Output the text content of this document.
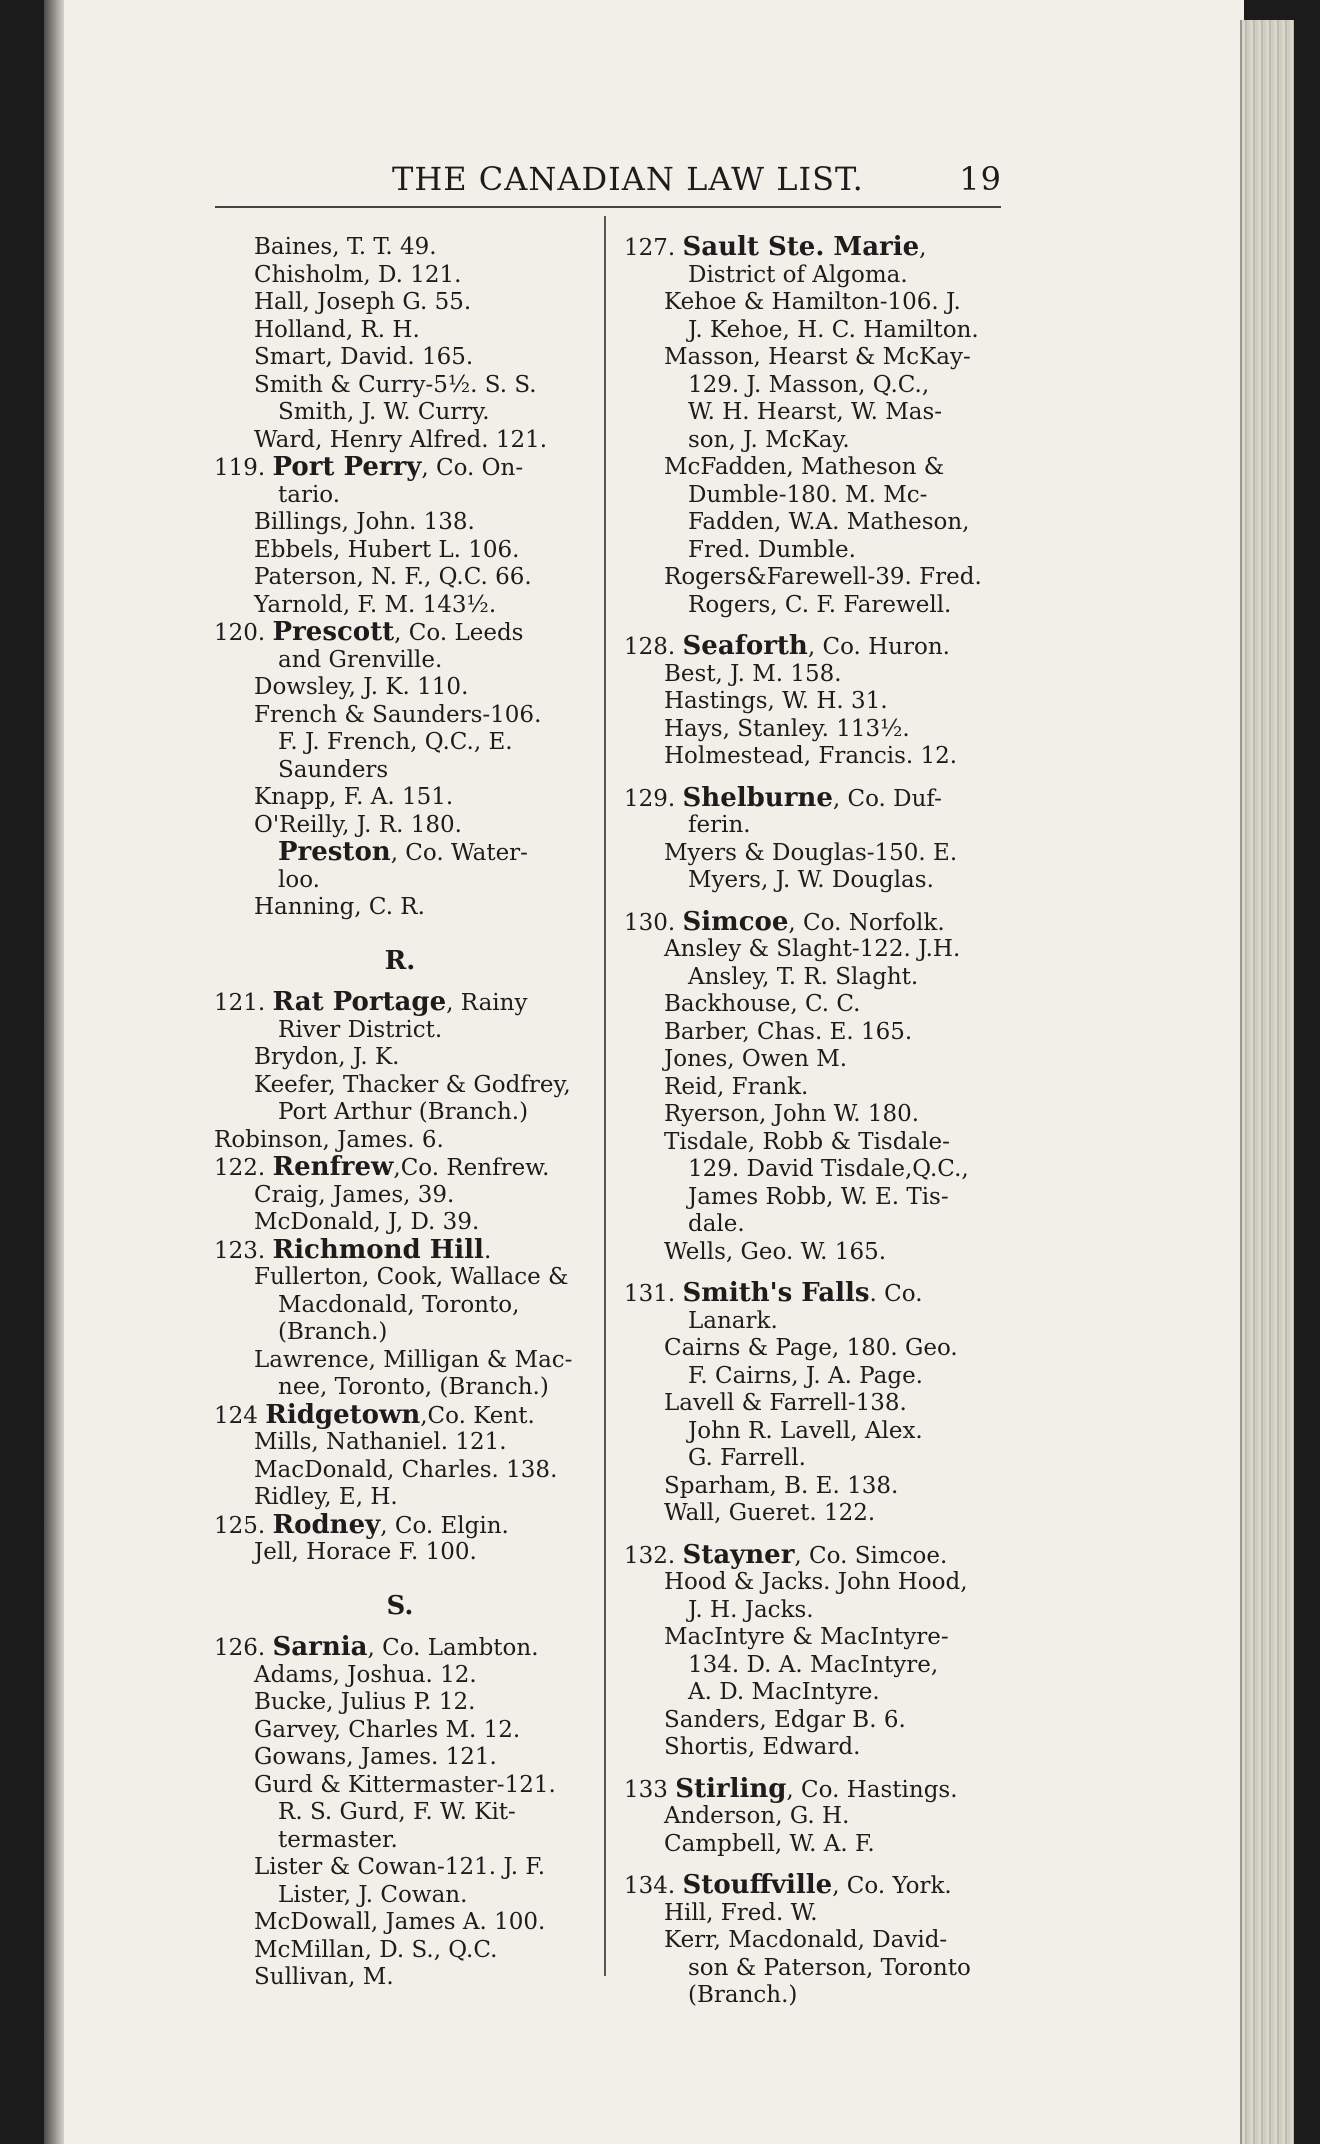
THE CANADIAN LAW LIST.	19
Baines, T. T. 49.
Chisholm, D. 121.
Hall, Joseph G. 55.
Holland, R. H.
Smart, David. 165.
Smith & Curry-5½. S. S.
Smith, J. W. Curry.
Ward, Henry Alfred. 121.
119. Port Perry, Co. On-
tario.
Billings, John. 138.
Ebbels, Hubert L. 106.
Paterson, N. F., Q.C. 66.
Yarnold, F. M. 143½.
120. Prescott, Co. Leeds
and Grenville.
Dowsley, J. K. 110.
French & Saunders-106.
F. J. French, Q.C., E.
Saunders
Knapp, F. A. 151.
O'Reilly, J. R. 180.
Preston, Co. Water-
loo.
Hanning, C. R.
R.
121. Rat Portage, Rainy
River District.
Brydon, J. K.
Keefer, Thacker & Godfrey,
Port Arthur (Branch.)
Robinson, James. 6.
122. Renfrew,Co. Renfrew.
Craig, James, 39.
McDonald, J, D. 39.
123. Richmond Hill.
Fullerton, Cook, Wallace &
Macdonald, Toronto,
(Branch.)
Lawrence, Milligan & Mac-
nee, Toronto, (Branch.)
124 Ridgetown,Co. Kent.
Mills, Nathaniel. 121.
MacDonald, Charles. 138.
Ridley, E, H.
125. Rodney, Co. Elgin.
Jell, Horace F. 100.
S.
126. Sarnia, Co. Lambton.
Adams, Joshua. 12.
Bucke, Julius P. 12.
Garvey, Charles M. 12.
Gowans, James. 121.
Gurd & Kittermaster-121.
R. S. Gurd, F. W. Kit-
termaster.
Lister & Cowan-121. J. F.
Lister, J. Cowan.
McDowall, James A. 100.
McMillan, D. S., Q.C.
Sullivan, M.
127. Sault Ste. Marie,
District of Algoma.
Kehoe & Hamilton-106. J.
J. Kehoe, H. C. Hamilton.
Masson, Hearst & McKay-
129. J. Masson, Q.C.,
W. H. Hearst, W. Mas-
son, J. McKay.
McFadden, Matheson &
Dumble-180. M. Mc-
Fadden, W.A. Matheson,
Fred. Dumble.
Rogers&Farewell-39. Fred.
Rogers, C. F. Farewell.
128. Seaforth, Co. Huron.
Best, J. M. 158.
Hastings, W. H. 31.
Hays, Stanley. 113½.
Holmestead, Francis. 12.
129. Shelburne, Co. Duf-
ferin.
Myers & Douglas-150. E.
Myers, J. W. Douglas.
130. Simcoe, Co. Norfolk.
Ansley & Slaght-122. J.H.
Ansley, T. R. Slaght.
Backhouse, C. C.
Barber, Chas. E. 165.
Jones, Owen M.
Reid, Frank.
Ryerson, John W. 180.
Tisdale, Robb & Tisdale-
129. David Tisdale,Q.C.,
James Robb, W. E. Tis-
dale.
Wells, Geo. W. 165.
131. Smith's Falls. Co.
Lanark.
Cairns & Page, 180. Geo.
F. Cairns, J. A. Page.
Lavell & Farrell-138.
John R. Lavell, Alex.
G. Farrell.
Sparham, B. E. 138.
Wall, Gueret. 122.
132. Stayner, Co. Simcoe.
Hood & Jacks. John Hood,
J. H. Jacks.
MacIntyre & MacIntyre-
134. D. A. MacIntyre,
A. D. MacIntyre.
Sanders, Edgar B. 6.
Shortis, Edward.
133 Stirling, Co. Hastings.
Anderson, G. H.
Campbell, W. A. F.
134. Stouffville, Co. York.
Hill, Fred. W.
Kerr, Macdonald, David-
son & Paterson, Toronto
(Branch.)
